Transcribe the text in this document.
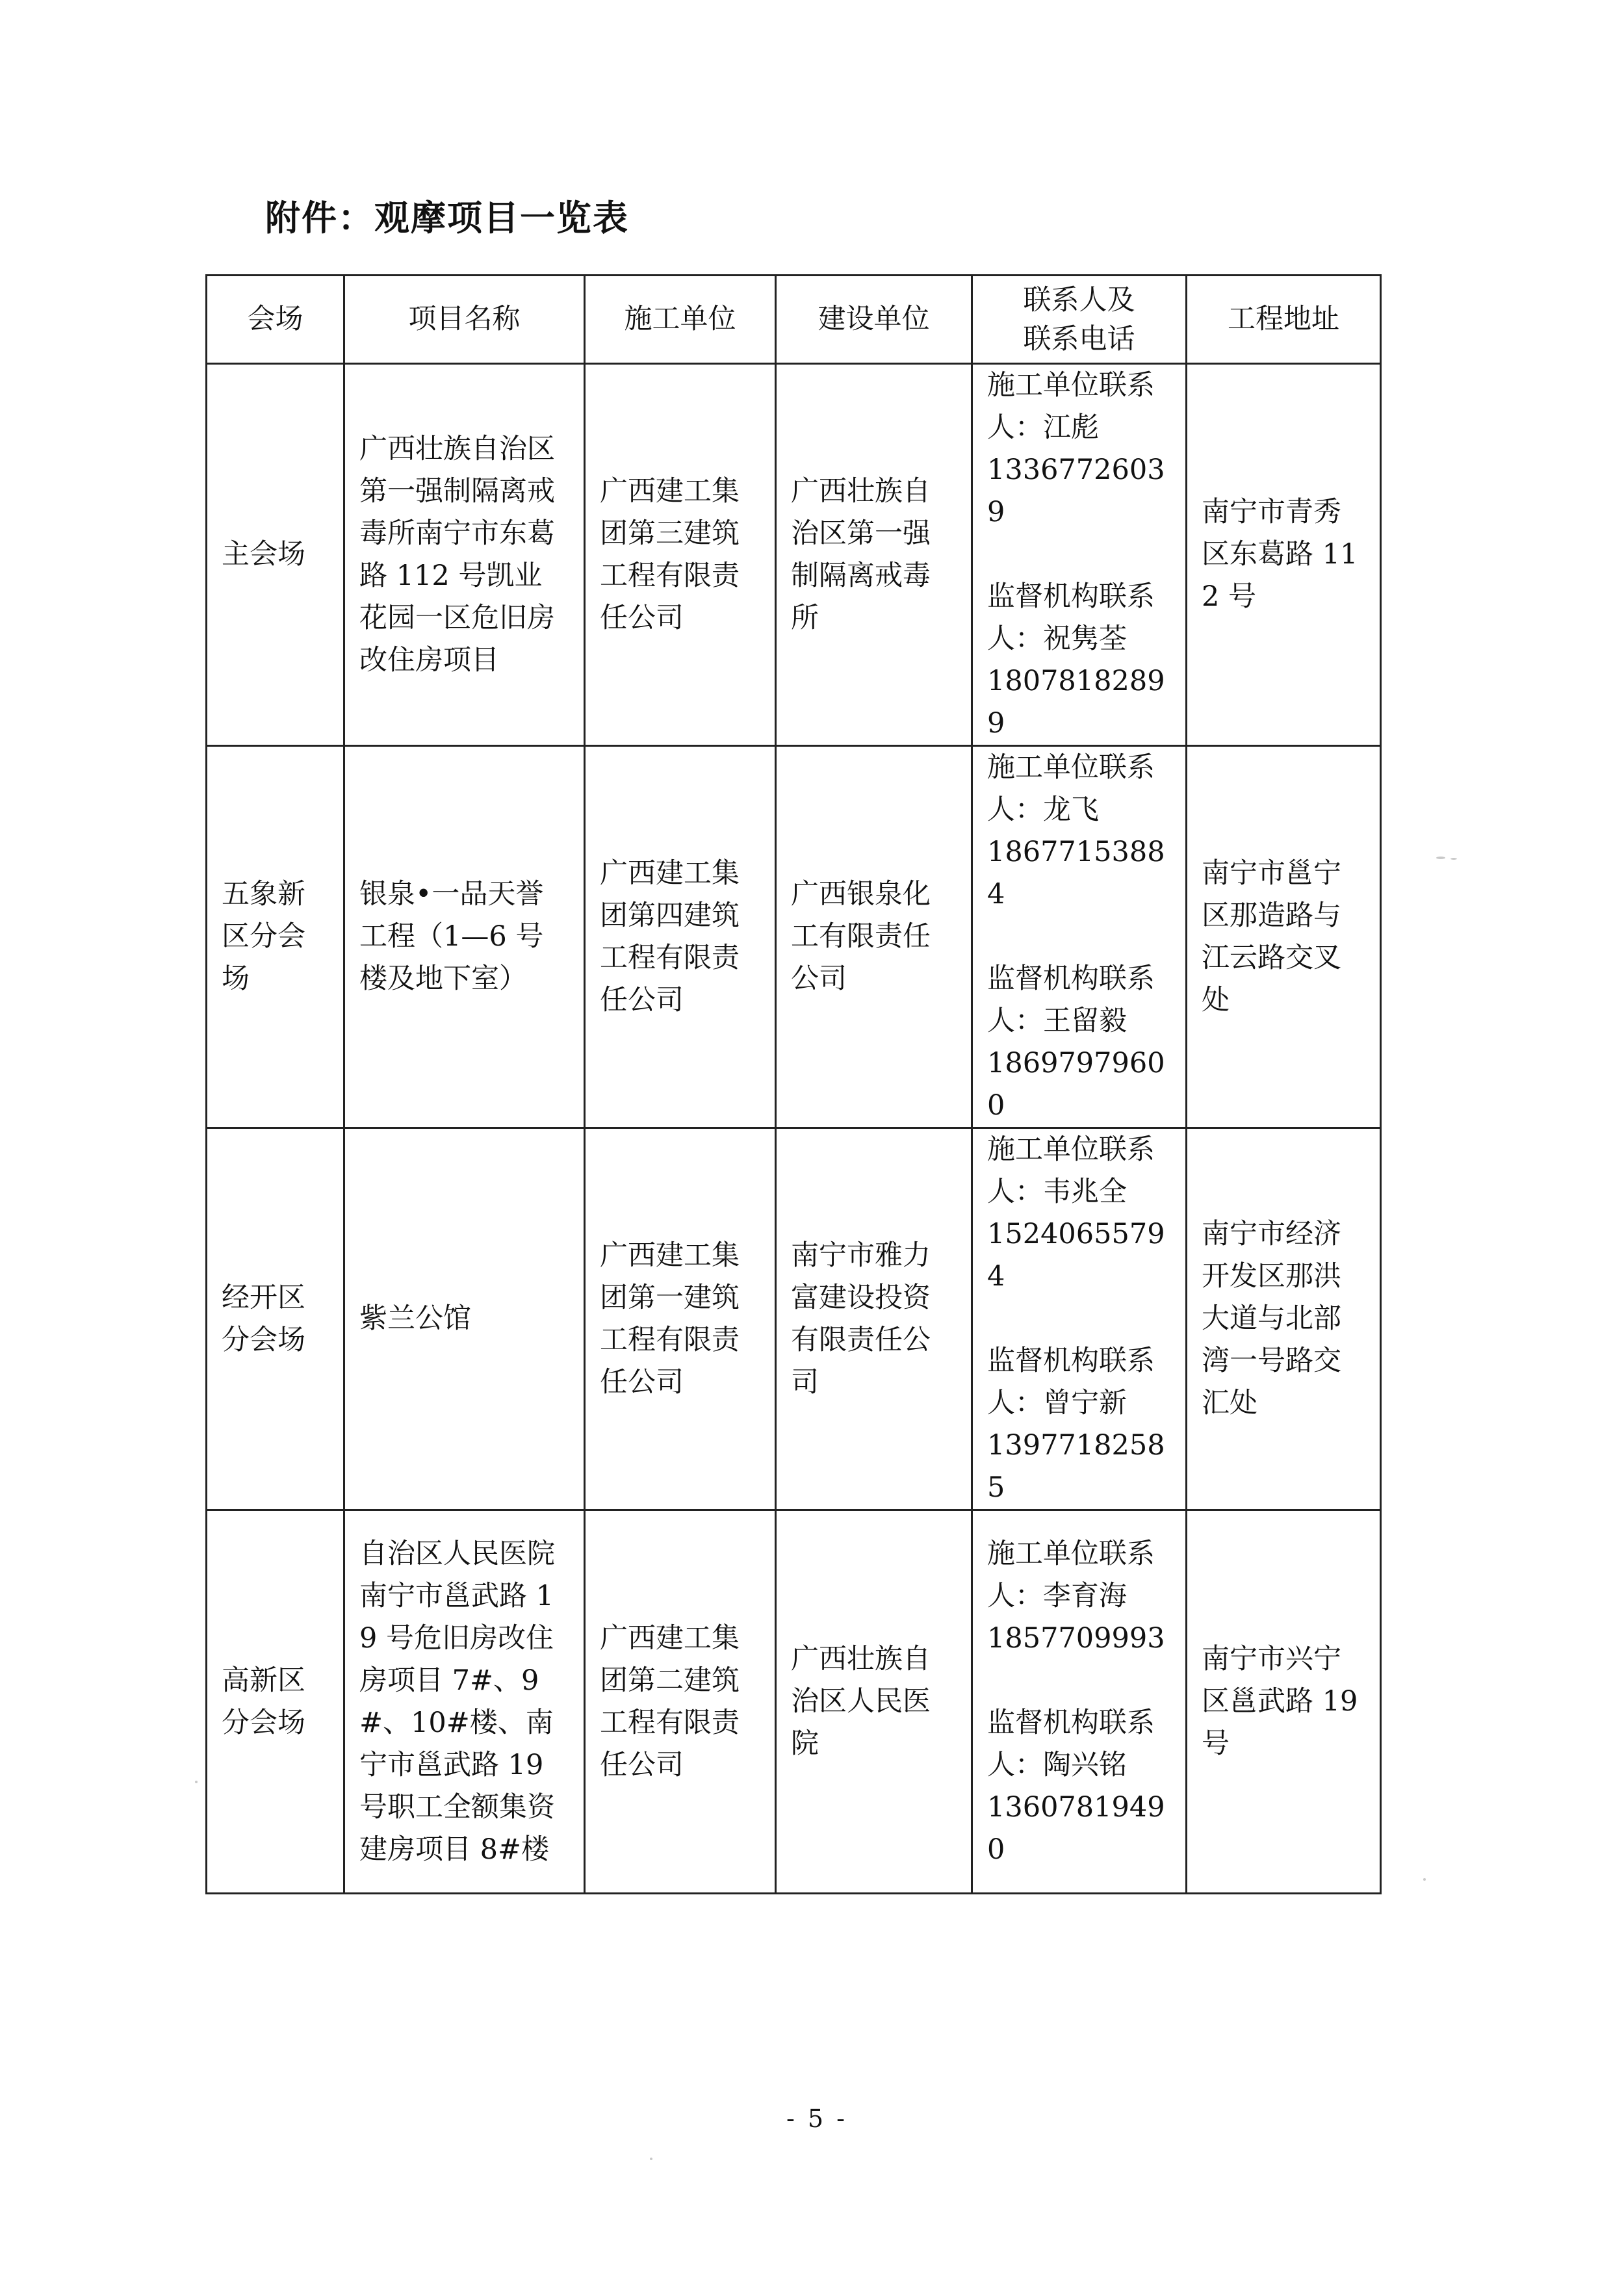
附件：观摩项目一览表
会场	项目名称	施工单位	建设单位	联系人及
联系电话	工程地址
主会场	广西壮族自治区第一强制隔离戒毒所南宁市东葛路 112 号凯业花园一区危旧房改住房项目	广西建工集团第三建筑工程有限责任公司	广西壮族自治区第一强制隔离戒毒所	施工单位联系人：江彪
13367726039
监督机构联系人：祝隽荃
18078182899	南宁市青秀区东葛路 112 号
五象新区分会场	银泉•一品天誉工程（1—6 号楼及地下室）	广西建工集团第四建筑工程有限责任公司	广西银泉化工有限责任公司	施工单位联系人：龙飞
18677153884
监督机构联系人：王留毅
18697979600	南宁市邕宁区那造路与江云路交叉处
经开区分会场	紫兰公馆	广西建工集团第一建筑工程有限责任公司	南宁市雅力富建设投资有限责任公司	施工单位联系人：韦兆全
15240655794
监督机构联系人：曾宁新
13977182585	南宁市经济开发区那洪大道与北部湾一号路交汇处
高新区分会场	自治区人民医院南宁市邕武路 19 号危旧房改住房项目 7#、9#、10#楼、南宁市邕武路 19 号职工全额集资建房项目 8#楼	广西建工集团第二建筑工程有限责任公司	广西壮族自治区人民医院	施工单位联系人：李育海
1857709993
监督机构联系人：陶兴铭
13607819490	南宁市兴宁区邕武路 19 号
- 5 -
